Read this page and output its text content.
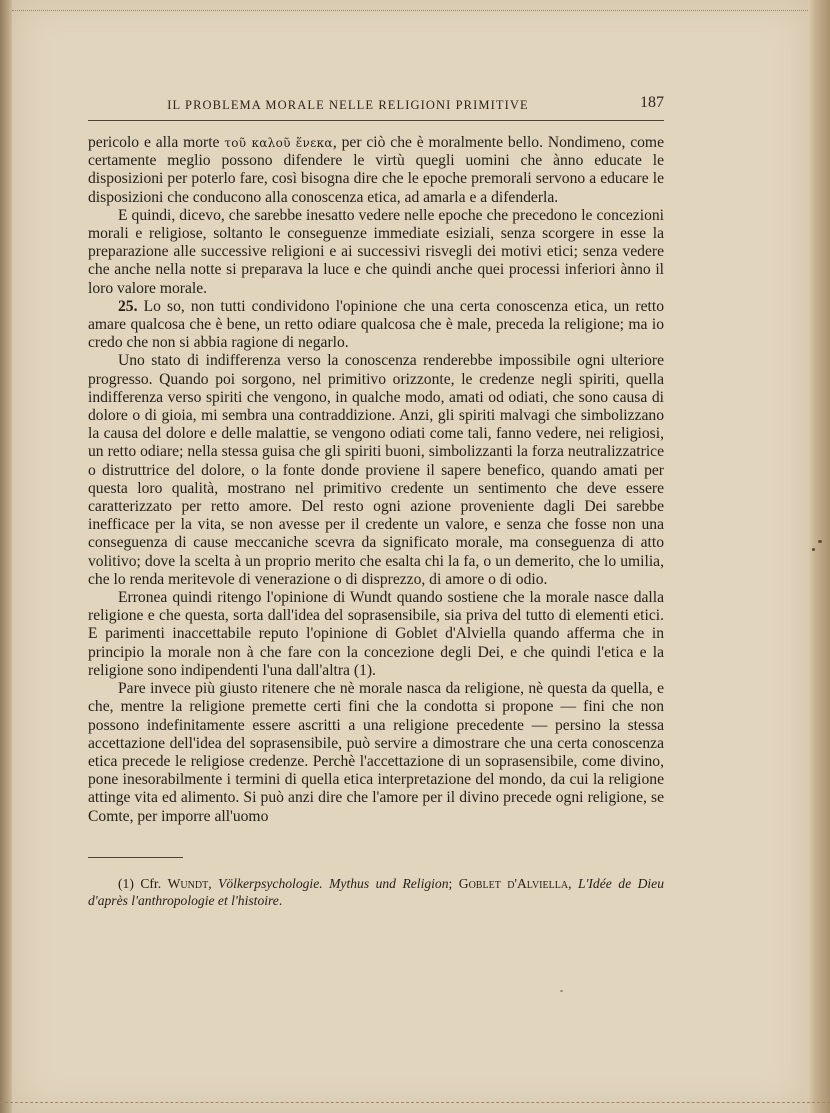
IL PROBLEMA MORALE NELLE RELIGIONI PRIMITIVE	187

pericolo e alla morte τοῦ καλοῦ ἕνεκα, per ciò che è moralmente bello. Nondimeno, come certamente meglio possono difendere le virtù quegli uomini che ànno educate le disposizioni per poterlo fare, così bisogna dire che le epoche premorali servono a educare le disposizioni che conducono alla conoscenza etica, ad amarla e a difenderla.

E quindi, dicevo, che sarebbe inesatto vedere nelle epoche che precedono le concezioni morali e religiose, soltanto le conseguenze immediate esiziali, senza scorgere in esse la preparazione alle successive religioni e ai successivi risvegli dei motivi etici; senza vedere che anche nella notte si preparava la luce e che quindi anche quei processi inferiori ànno il loro valore morale.

25. Lo so, non tutti condividono l'opinione che una certa conoscenza etica, un retto amare qualcosa che è bene, un retto odiare qualcosa che è male, preceda la religione; ma io credo che non si abbia ragione di negarlo.

Uno stato di indifferenza verso la conoscenza renderebbe impossibile ogni ulteriore progresso. Quando poi sorgono, nel primitivo orizzonte, le credenze negli spiriti, quella indifferenza verso spiriti che vengono, in qualche modo, amati od odiati, che sono causa di dolore o di gioia, mi sembra una contraddizione. Anzi, gli spiriti malvagi che simbolizzano la causa del dolore e delle malattie, se vengono odiati come tali, fanno vedere, nei religiosi, un retto odiare; nella stessa guisa che gli spiriti buoni, simbolizzanti la forza neutralizzatrice o distruttrice del dolore, o la fonte donde proviene il sapere benefico, quando amati per questa loro qualità, mostrano nel primitivo credente un sentimento che deve essere caratterizzato per retto amore. Del resto ogni azione proveniente dagli Dei sarebbe inefficace per la vita, se non avesse per il credente un valore, e senza che fosse non una conseguenza di cause meccaniche scevra da significato morale, ma conseguenza di atto volitivo; dove la scelta à un proprio merito che esalta chi la fa, o un demerito, che lo umilia, che lo renda meritevole di venerazione o di disprezzo, di amore o di odio.

Erronea quindi ritengo l'opinione di Wundt quando sostiene che la morale nasce dalla religione e che questa, sorta dall'idea del soprasensibile, sia priva del tutto di elementi etici. E parimenti inaccettabile reputo l'opinione di Goblet d'Alviella quando afferma che in principio la morale non à che fare con la concezione degli Dei, e che quindi l'etica e la religione sono indipendenti l'una dall'altra (1).

Pare invece più giusto ritenere che nè morale nasca da religione, nè questa da quella, e che, mentre la religione premette certi fini che la condotta si propone — fini che non possono indefinitamente essere ascritti a una religione precedente — persino la stessa accettazione dell'idea del soprasensibile, può servire a dimostrare che una certa conoscenza etica precede le religiose credenze. Perchè l'accettazione di un soprasensibile, come divino, pone inesorabilmente i termini di quella etica interpretazione del mondo, da cui la religione attinge vita ed alimento. Si può anzi dire che l'amore per il divino precede ogni religione, se Comte, per imporre all'uomo

(1) Cfr. Wundt, Völkerpsychologie. Mythus und Religion; Goblet d'Alviella, L'Idée de Dieu d'après l'anthropologie et l'histoire.
